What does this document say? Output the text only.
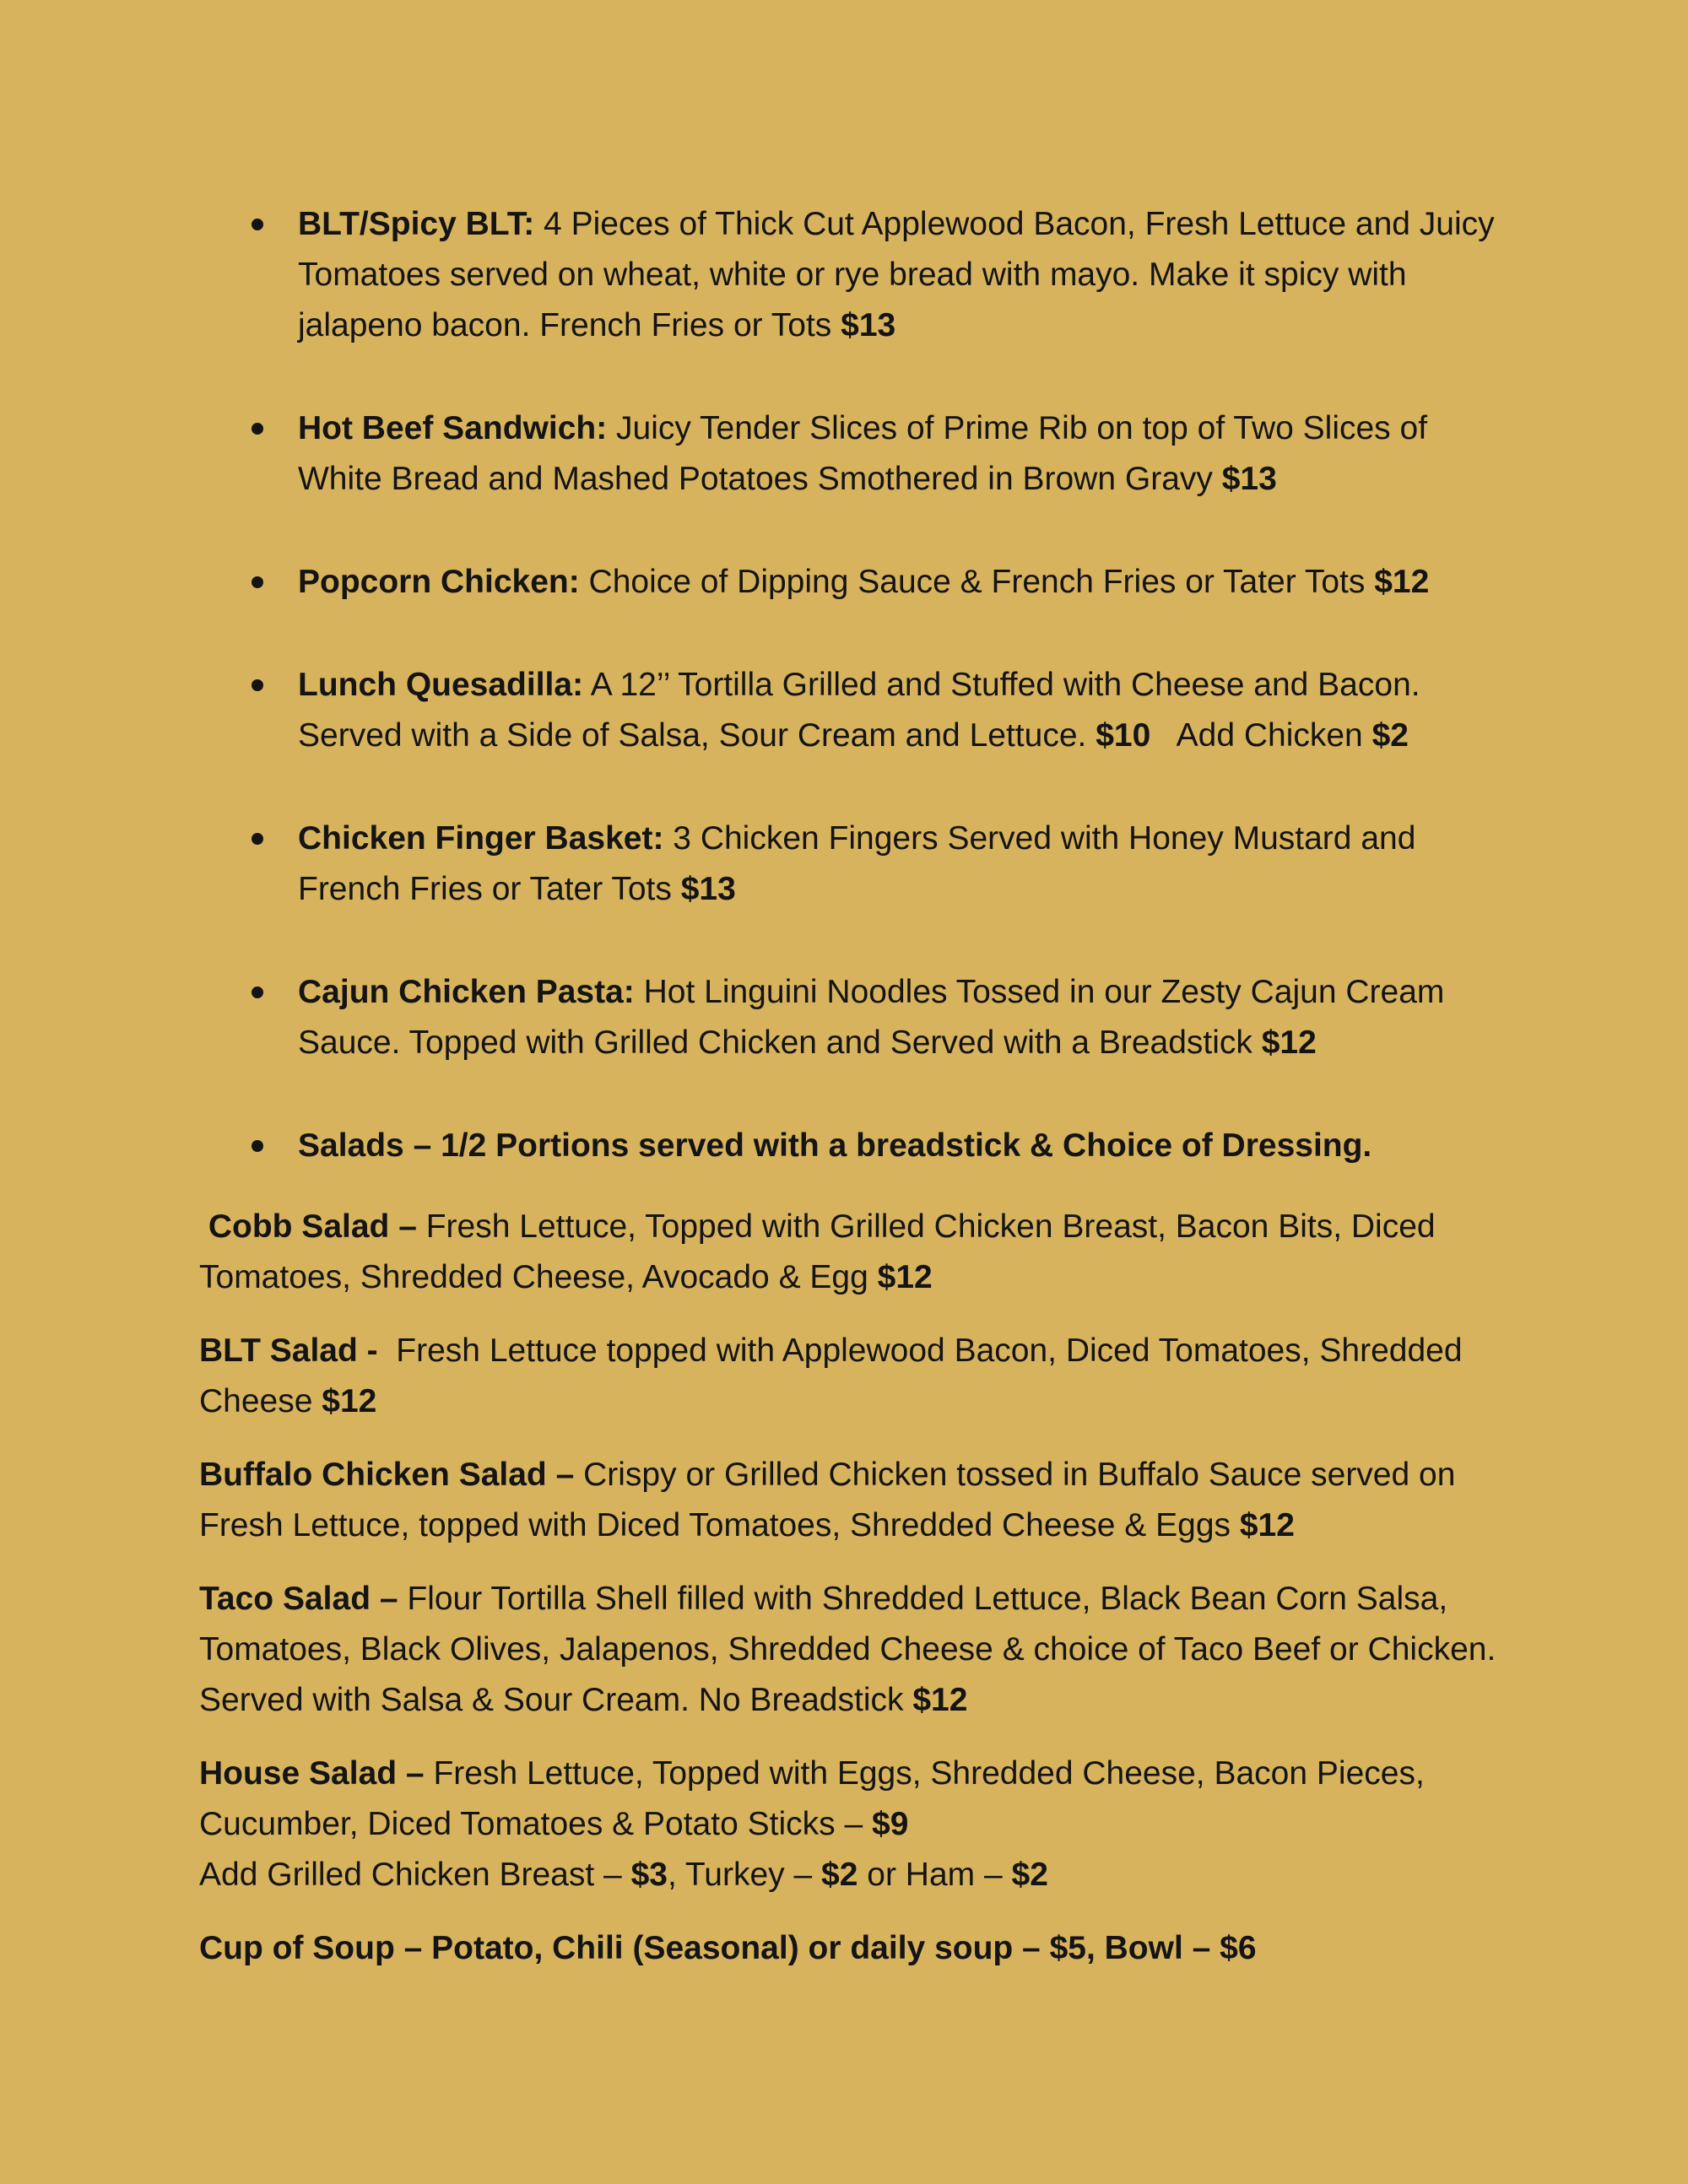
BLT/Spicy BLT: 4 Pieces of Thick Cut Applewood Bacon, Fresh Lettuce and Juicy Tomatoes served on wheat, white or rye bread with mayo. Make it spicy with jalapeno bacon. French Fries or Tots $13
Hot Beef Sandwich: Juicy Tender Slices of Prime Rib on top of Two Slices of White Bread and Mashed Potatoes Smothered in Brown Gravy $13
Popcorn Chicken: Choice of Dipping Sauce & French Fries or Tater Tots $12
Lunch Quesadilla: A 12’’ Tortilla Grilled and Stuffed with Cheese and Bacon. Served with a Side of Salsa, Sour Cream and Lettuce. $10   Add Chicken $2
Chicken Finger Basket: 3 Chicken Fingers Served with Honey Mustard and French Fries or Tater Tots $13
Cajun Chicken Pasta: Hot Linguini Noodles Tossed in our Zesty Cajun Cream Sauce. Topped with Grilled Chicken and Served with a Breadstick $12
Salads – 1/2 Portions served with a breadstick & Choice of Dressing.

Cobb Salad – Fresh Lettuce, Topped with Grilled Chicken Breast, Bacon Bits, Diced Tomatoes, Shredded Cheese, Avocado & Egg $12

BLT Salad -  Fresh Lettuce topped with Applewood Bacon, Diced Tomatoes, Shredded Cheese $12

Buffalo Chicken Salad – Crispy or Grilled Chicken tossed in Buffalo Sauce served on Fresh Lettuce, topped with Diced Tomatoes, Shredded Cheese & Eggs $12

Taco Salad – Flour Tortilla Shell filled with Shredded Lettuce, Black Bean Corn Salsa, Tomatoes, Black Olives, Jalapenos, Shredded Cheese & choice of Taco Beef or Chicken. Served with Salsa & Sour Cream. No Breadstick $12

House Salad – Fresh Lettuce, Topped with Eggs, Shredded Cheese, Bacon Pieces, Cucumber, Diced Tomatoes & Potato Sticks – $9
Add Grilled Chicken Breast – $3, Turkey – $2 or Ham – $2

Cup of Soup – Potato, Chili (Seasonal) or daily soup – $5, Bowl – $6
